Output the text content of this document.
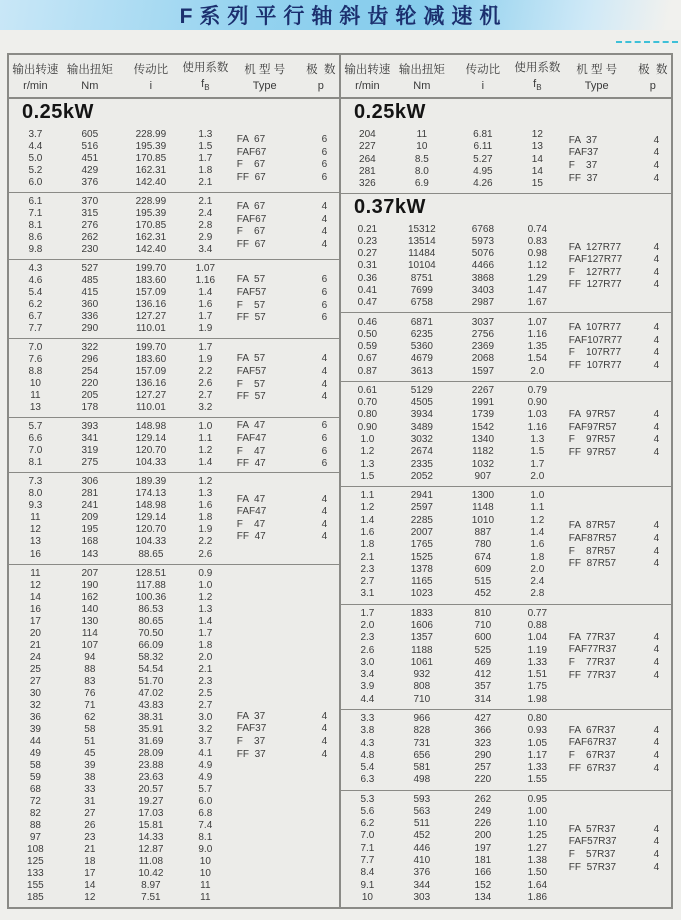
F系列平行轴斜齿轮减速机
输出转速
r/min
输出扭矩
Nm
传动比
i
使用系数
$f_B$
机 型 号
Type
极  数
p
0.25kW
3.7	605	228.99	1.3
4.4	516	195.39	1.5
5.0	451	170.85	1.7
5.2	429	162.31	1.8
6.0	376	142.40	2.1
FA  67	6
FAF67	6
F    67	6
FF  67	6
6.1	370	228.99	2.1
7.1	315	195.39	2.4
8.1	276	170.85	2.8
8.6	262	162.31	2.9
9.8	230	142.40	3.4
FA  67	4
FAF67	4
F    67	4
FF  67	4
4.3	527	199.70	1.07
4.6	485	183.60	1.16
5.4	415	157.09	1.4
6.2	360	136.16	1.6
6.7	336	127.27	1.7
7.7	290	110.01	1.9
FA  57	6
FAF57	6
F    57	6
FF  57	6
7.0	322	199.70	1.7
7.6	296	183.60	1.9
8.8	254	157.09	2.2
10	220	136.16	2.6
11	205	127.27	2.7
13	178	110.01	3.2
FA  57	4
FAF57	4
F    57	4
FF  57	4
5.7	393	148.98	1.0
6.6	341	129.14	1.1
7.0	319	120.70	1.2
8.1	275	104.33	1.4
FA  47	6
FAF47	6
F    47	6
FF  47	6
7.3	306	189.39	1.2
8.0	281	174.13	1.3
9.3	241	148.98	1.6
11	209	129.14	1.8
12	195	120.70	1.9
13	168	104.33	2.2
16	143	88.65	2.6
FA  47	4
FAF47	4
F    47	4
FF  47	4
11	207	128.51	0.9
12	190	117.88	1.0
14	162	100.36	1.2
16	140	86.53	1.3
17	130	80.65	1.4
20	114	70.50	1.7
21	107	66.09	1.8
24	94	58.32	2.0
25	88	54.54	2.1
27	83	51.70	2.3
30	76	47.02	2.5
32	71	43.83	2.7
36	62	38.31	3.0
39	58	35.91	3.2
44	51	31.69	3.7
49	45	28.09	4.1
58	39	23.88	4.9
59	38	23.63	4.9
68	33	20.57	5.7
72	31	19.27	6.0
82	27	17.03	6.8
88	26	15.81	7.4
97	23	14.33	8.1
108	21	12.87	9.0
125	18	11.08	10
133	17	10.42	10
155	14	8.97	11
185	12	7.51	11
FA  37	4
FAF37	4
F    37	4
FF  37	4
输出转速
r/min
输出扭矩
Nm
传动比
i
使用系数
$f_B$
机 型 号
Type
极  数
p
0.25kW
204	11	6.81	12
227	10	6.11	13
264	8.5	5.27	14
281	8.0	4.95	14
326	6.9	4.26	15
FA  37	4
FAF37	4
F    37	4
FF  37	4
0.37kW
0.21	15312	6768	0.74
0.23	13514	5973	0.83
0.27	11484	5076	0.98
0.31	10104	4466	1.12
0.36	8751	3868	1.29
0.41	7699	3403	1.47
0.47	6758	2987	1.67
FA  127R77	4
FAF127R77	4
F    127R77	4
FF  127R77	4
0.46	6871	3037	1.07
0.50	6235	2756	1.16
0.59	5360	2369	1.35
0.67	4679	2068	1.54
0.87	3613	1597	2.0
FA  107R77	4
FAF107R77	4
F    107R77	4
FF  107R77	4
0.61	5129	2267	0.79
0.70	4505	1991	0.90
0.80	3934	1739	1.03
0.90	3489	1542	1.16
1.0	3032	1340	1.3
1.2	2674	1182	1.5
1.3	2335	1032	1.7
1.5	2052	907	2.0
FA  97R57	4
FAF97R57	4
F    97R57	4
FF  97R57	4
1.1	2941	1300	1.0
1.2	2597	1148	1.1
1.4	2285	1010	1.2
1.6	2007	887	1.4
1.8	1765	780	1.6
2.1	1525	674	1.8
2.3	1378	609	2.0
2.7	1165	515	2.4
3.1	1023	452	2.8
FA  87R57	4
FAF87R57	4
F    87R57	4
FF  87R57	4
1.7	1833	810	0.77
2.0	1606	710	0.88
2.3	1357	600	1.04
2.6	1188	525	1.19
3.0	1061	469	1.33
3.4	932	412	1.51
3.9	808	357	1.75
4.4	710	314	1.98
FA  77R37	4
FAF77R37	4
F    77R37	4
FF  77R37	4
3.3	966	427	0.80
3.8	828	366	0.93
4.3	731	323	1.05
4.8	656	290	1.17
5.4	581	257	1.33
6.3	498	220	1.55
FA  67R37	4
FAF67R37	4
F    67R37	4
FF  67R37	4
5.3	593	262	0.95
5.6	563	249	1.00
6.2	511	226	1.10
7.0	452	200	1.25
7.1	446	197	1.27
7.7	410	181	1.38
8.4	376	166	1.50
9.1	344	152	1.64
10	303	134	1.86
FA  57R37	4
FAF57R37	4
F    57R37	4
FF  57R37	4
